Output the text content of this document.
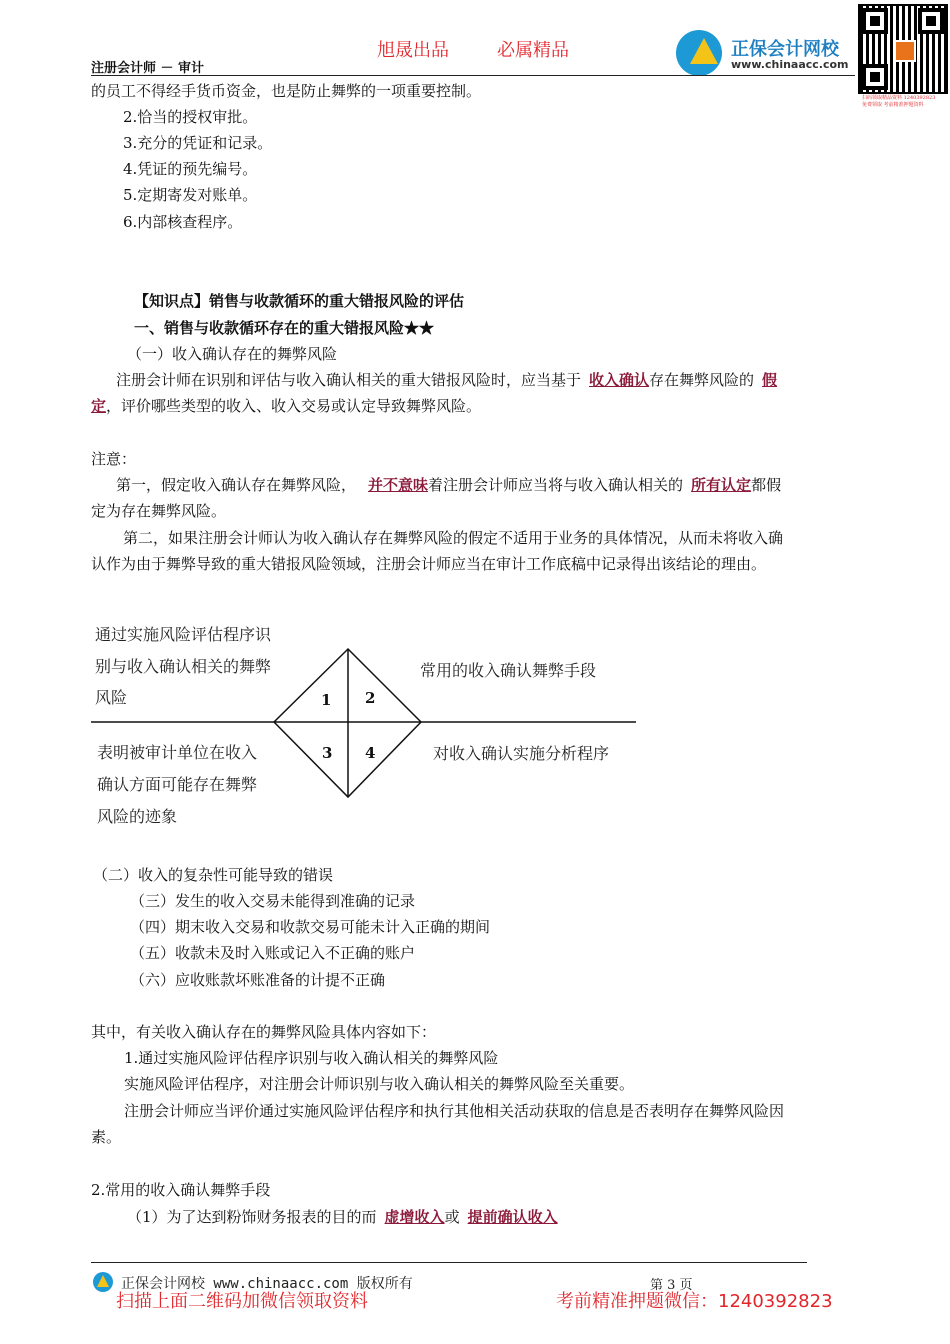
旭晟出品	必属精品
注册会计师 － 审计
正保会计网校
www.chinaacc.com
扫码领取精品资料 1240392823
免费领取 考前精准押题资料
的员工不得经手货币资金，也是防止舞弊的一项重要控制。
2.恰当的授权审批。
3.充分的凭证和记录。
4.凭证的预先编号。
5.定期寄发对账单。
6.内部核查程序。
【知识点】销售与收款循环的重大错报风险的评估
一、销售与收款循环存在的重大错报风险★★
（一）收入确认存在的舞弊风险
注册会计师在识别和评估与收入确认相关的重大错报风险时，应当基于 收入确认存在舞弊风险的 假
定，评价哪些类型的收入、收入交易或认定导致舞弊风险。
注意：
第一，假定收入确认存在舞弊风险， 并不意味着注册会计师应当将与收入确认相关的 所有认定都假
定为存在舞弊风险。
第二，如果注册会计师认为收入确认存在舞弊风险的假定不适用于业务的具体情况，从而未将收入确
认作为由于舞弊导致的重大错报风险领域，注册会计师应当在审计工作底稿中记录得出该结论的理由。
通过实施风险评估程序识
别与收入确认相关的舞弊
风险
常用的收入确认舞弊手段
表明被审计单位在收入
确认方面可能存在舞弊
风险的迹象
对收入确认实施分析程序
1 2
3 4
（二）收入的复杂性可能导致的错误
（三）发生的收入交易未能得到准确的记录
（四）期末收入交易和收款交易可能未计入正确的期间
（五）收款未及时入账或记入不正确的账户
（六）应收账款坏账准备的计提不正确
其中，有关收入确认存在的舞弊风险具体内容如下：
1.通过实施风险评估程序识别与收入确认相关的舞弊风险
实施风险评估程序，对注册会计师识别与收入确认相关的舞弊风险至关重要。
注册会计师应当评价通过实施风险评估程序和执行其他相关活动获取的信息是否表明存在舞弊风险因
素。
2.常用的收入确认舞弊手段
（1）为了达到粉饰财务报表的目的而 虚增收入或 提前确认收入
正保会计网校 www.chinaacc.com 版权所有	第 3 页
扫描上面二维码加微信领取资料	考前精准押题微信：1240392823
